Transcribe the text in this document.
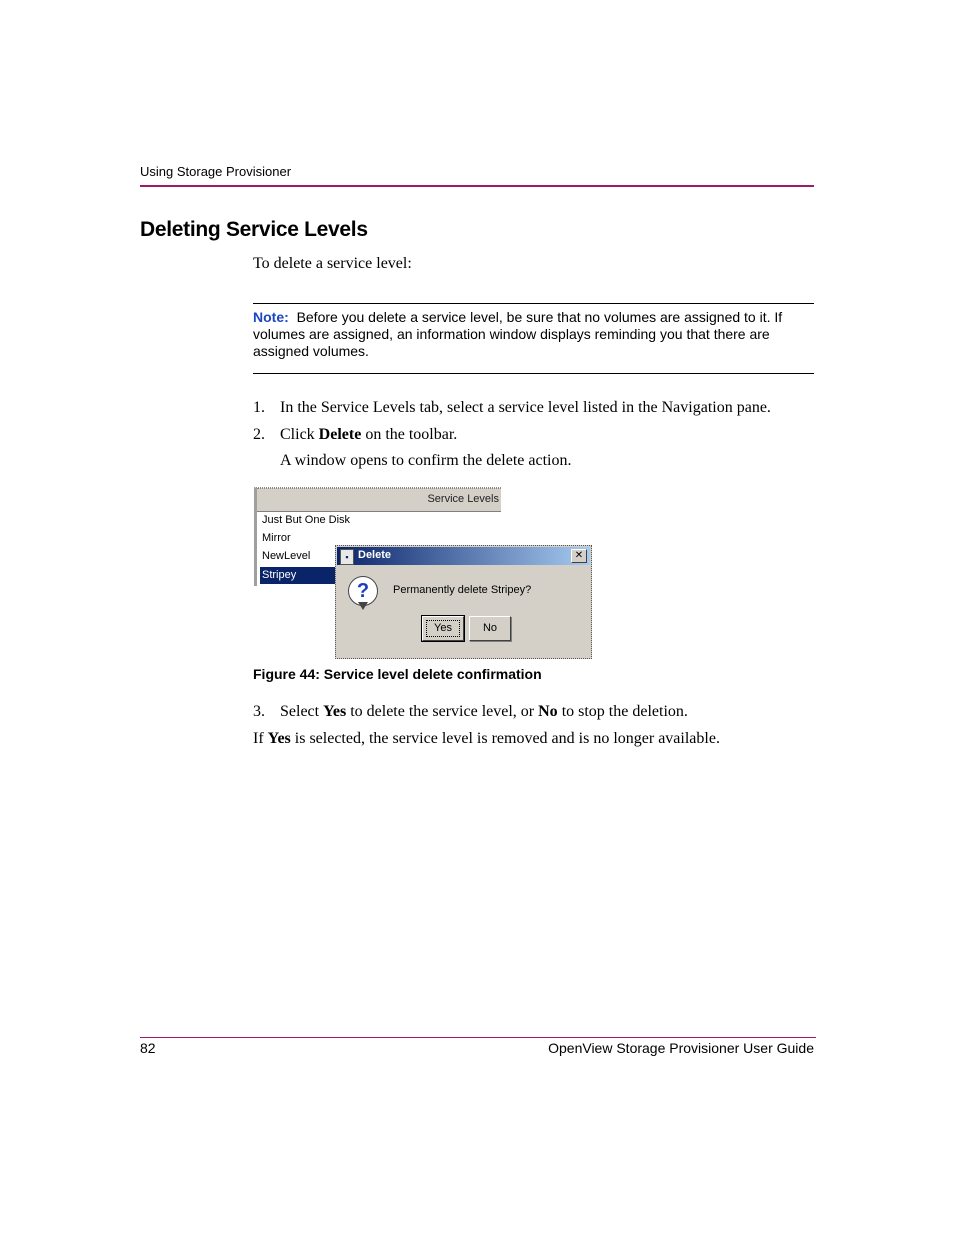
Using Storage Provisioner
Deleting Service Levels
To delete a service level:
Note: Before you delete a service level, be sure that no volumes are assigned to it. If volumes are assigned, an information window displays reminding you that there are assigned volumes.
1. In the Service Levels tab, select a service level listed in the Navigation pane.
2. Click Delete on the toolbar.
A window opens to confirm the delete action.
Service Levels
Just But One Disk
Mirror
NewLevel
Stripey
▪ Delete	✕
?	Permanently delete Stripey?
Yes	No
Figure 44: Service level delete confirmation
3. Select Yes to delete the service level, or No to stop the deletion.
If Yes is selected, the service level is removed and is no longer available.
82	OpenView Storage Provisioner User Guide
